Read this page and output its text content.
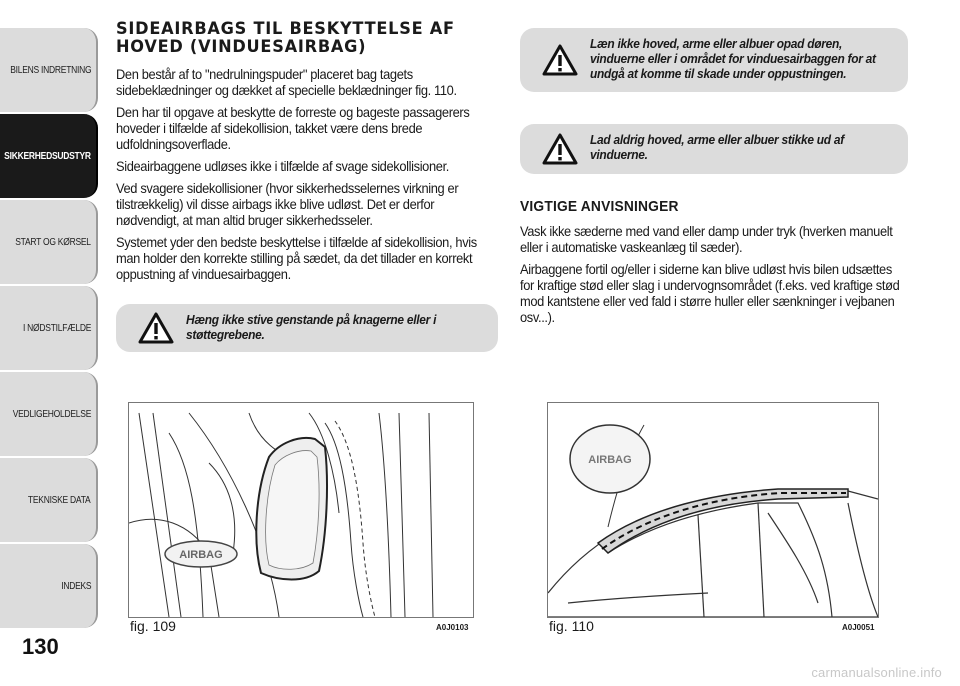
BILENS INDRETNING
SIKKERHEDSUDSTYR
START OG KØRSEL
I NØDSTILFÆLDE
VEDLIGEHOLDELSE
TEKNISKE DATA
INDEKS
130
SIDEAIRBAGS TIL BESKYTTELSE AF
HOVED (VINDUESAIRBAG)

Den består af to "nedrulningspuder" placeret bag tagets sidebeklædninger og dækket af specielle beklædninger fig. 110.

Den har til opgave at beskytte de forreste og bageste passagerers hoveder i tilfælde af sidekollision, takket være dens brede udfoldningsoverflade.

Sideairbaggene udløses ikke i tilfælde af svage sidekollisioner.

Ved svagere sidekollisioner (hvor sikkerhedsselernes virkning er tilstrækkelig) vil disse airbags ikke blive udløst. Det er derfor nødvendigt, at man altid bruger sikkerhedsseler.

Systemet yder den bedste beskyttelse i tilfælde af sidekollision, hvis man holder den korrekte stilling på sædet, da det tillader en korrekt oppustning af vinduesairbaggen.

Hæng ikke stive genstande på knagerne eller i støttegrebene.
Læn ikke hoved, arme eller albuer opad døren, vinduerne eller i området for vinduesairbaggen for at undgå at komme til skade under oppustningen.
Lad aldrig hoved, arme eller albuer stikke ud af vinduerne.
VIGTIGE ANVISNINGER

Vask ikke sæderne med vand eller damp under tryk (hverken manuelt eller i automatiske vaskeanlæg til sæder).

Airbaggene fortil og/eller i siderne kan blive udløst hvis bilen udsættes for kraftige stød eller slag i undervognsområdet (f.eks. ved kraftige stød mod kantstene eller ved fald i større huller eller sænkninger i vejbanen osv...).

AIRBAG
fig. 109	A0J0103
AIRBAG
fig. 110	A0J0051
carmanualsonline.info
